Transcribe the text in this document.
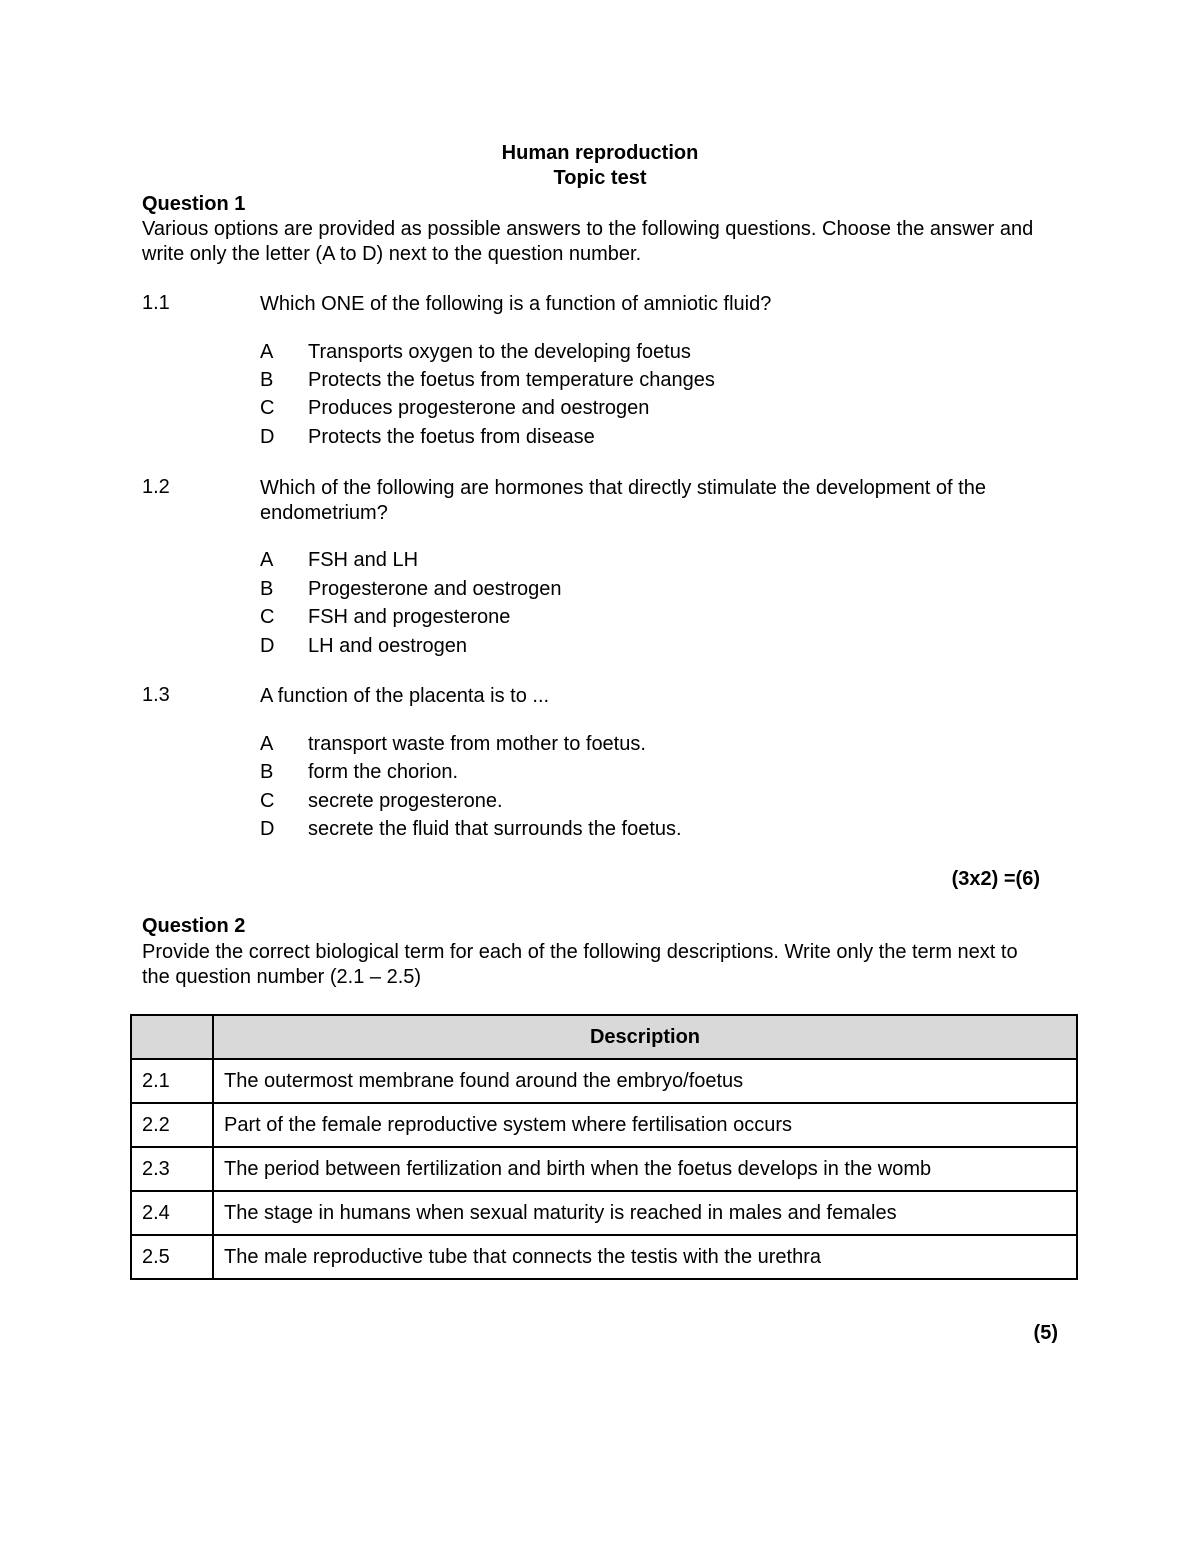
Human reproduction
Topic test
Question 1
Various options are provided as possible answers to the following questions. Choose the answer and write only the letter (A to D) next to the question number.
1.1	Which ONE of the following is a function of amniotic fluid?
A Transports oxygen to the developing foetus
B Protects the foetus from temperature changes
C Produces progesterone and oestrogen
D Protects the foetus from disease
1.2	Which of the following are hormones that directly stimulate the development of the endometrium?
A FSH and LH
B Progesterone and oestrogen
C FSH and progesterone
D LH and oestrogen
1.3	A function of the placenta is to ...
A transport waste from mother to foetus.
B form the chorion.
C secrete progesterone.
D secrete the fluid that surrounds the foetus.
(3x2) =(6)
Question 2
Provide the correct biological term for each of the following descriptions. Write only the term next to the question number (2.1 – 2.5)
	Description
2.1	The outermost membrane found around the embryo/foetus
2.2	Part of the female reproductive system where fertilisation occurs
2.3	The period between fertilization and birth when the foetus develops in the womb
2.4	The stage in humans when sexual maturity is reached in males and females
2.5	The male reproductive tube that connects the testis with the urethra
(5)
